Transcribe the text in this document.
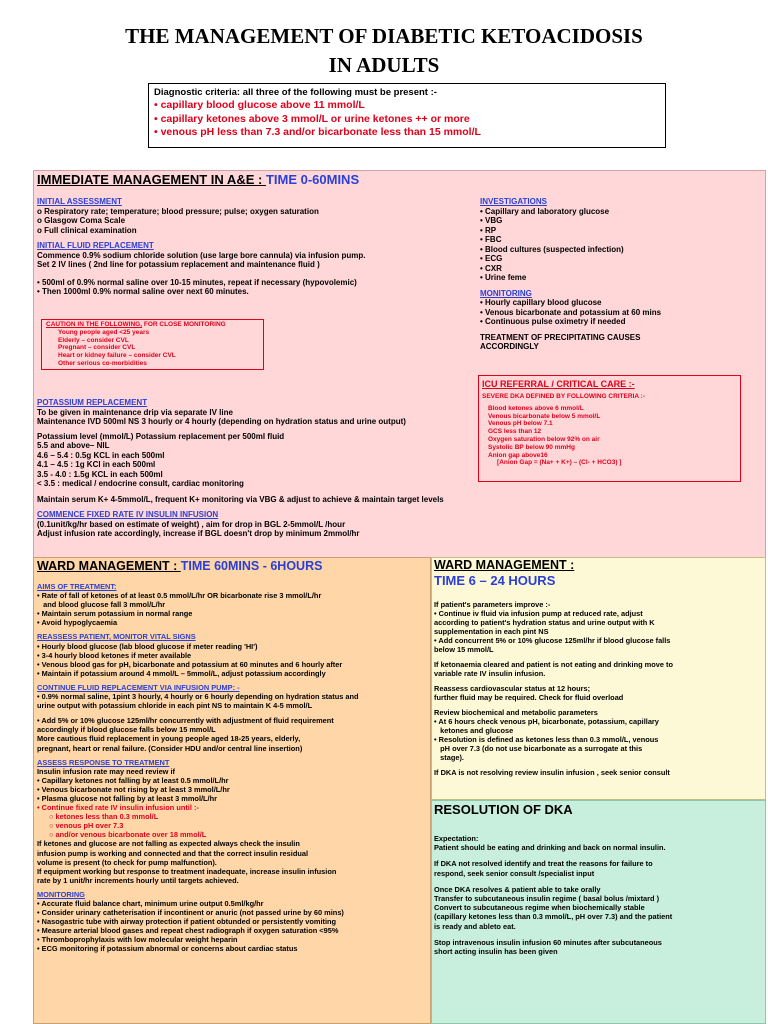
THE MANAGEMENT OF DIABETIC KETOACIDOSIS
IN ADULTS
Diagnostic criteria: all three of the following must be present :-
• capillary blood glucose above 11 mmol/L
• capillary ketones above 3 mmol/L or urine ketones ++ or more
• venous pH less than 7.3 and/or bicarbonate less than 15 mmol/L
IMMEDIATE MANAGEMENT IN A&E : TIME 0-60MINS
INITIAL ASSESSMENT
o Respiratory rate; temperature; blood pressure; pulse; oxygen saturation
o Glasgow Coma Scale
o Full clinical examination
INITIAL FLUID REPLACEMENT
Commence 0.9% sodium chloride solution (use large bore cannula) via infusion pump.
Set 2 IV lines ( 2nd line for potassium replacement and maintenance fluid )
• 500ml of 0.9% normal saline over 10-15 minutes, repeat if necessary (hypovolemic)
• Then 1000ml 0.9% normal saline over next 60 minutes.
CAUTION IN THE FOLLOWING, FOR CLOSE MONITORING
Young people aged <25 years
Elderly – consider CVL
Pregnant – consider CVL
Heart or kidney failure – consider CVL
Other serious co-morbidities
POTASSIUM REPLACEMENT
To be given in maintenance drip via separate IV line
Maintenance IVD 500ml NS 3 hourly or 4 hourly (depending on hydration status and urine output)
Potassium level (mmol/L) Potassium replacement per 500ml fluid
5.5 and above– NIL
4.6 – 5.4 : 0.5g KCL in each 500ml
4.1 – 4.5 : 1g KCl in each 500ml
3.5 - 4.0 : 1.5g KCL in each 500ml
< 3.5 : medical / endocrine consult, cardiac monitoring
Maintain serum K+ 4-5mmol/L, frequent K+ monitoring via VBG & adjust to achieve & maintain target levels
COMMENCE FIXED RATE IV INSULIN INFUSION
(0.1unit/kg/hr based on estimate of weight) , aim for drop in BGL 2-5mmol/L /hour
Adjust infusion rate accordingly, increase if BGL doesn't drop by minimum 2mmol/hr
INVESTIGATIONS
• Capillary and laboratory glucose
• VBG
• RP
• FBC
• Blood cultures (suspected infection)
• ECG
• CXR
• Urine feme
MONITORING
• Hourly capillary blood glucose
• Venous bicarbonate and potassium at 60 mins
• Continuous pulse oximetry if needed
TREATMENT OF PRECIPITATING CAUSES
ACCORDINGLY
ICU REFERRAL / CRITICAL CARE :-
SEVERE DKA DEFINED BY FOLLOWING CRITERIA :-
Blood ketones above 6 mmol/L
Venous bicarbonate below 5 mmol/L
Venous pH below 7.1
GCS less than 12
Oxygen saturation below 92% on air
Systolic BP below 90 mmHg
Anion gap above16
[Anion Gap = (Na+ + K+) – (Cl- + HCO3) ]
WARD MANAGEMENT : TIME 60MINS - 6HOURS
AIMS OF TREATMENT:
• Rate of fall of ketones of at least 0.5 mmol/L/hr OR bicarbonate rise 3 mmol/L/hr
and blood glucose fall 3 mmol/L/hr
• Maintain serum potassium in normal range
• Avoid hypoglycaemia
REASSESS PATIENT, MONITOR VITAL SIGNS
• Hourly blood glucose (lab blood glucose if meter reading 'HI')
• 3-4 hourly blood ketones if meter available
• Venous blood gas for pH, bicarbonate and potassium at 60 minutes and 6 hourly after
• Maintain if potassium around 4 mmol/L – 5mmol/L, adjust potassium accordingly
CONTINUE FLUID REPLACEMENT VIA INFUSION PUMP: -
• 0.9% normal saline, 1pint 3 hourly, 4 hourly or 6 hourly depending on hydration status and
urine output with potassium chloride in each pint NS to maintain K 4-5 mmol/L
• Add 5% or 10% glucose 125ml/hr concurrently with adjustment of fluid requirement
accordingly if blood glucose falls below 15 mmol/L
More cautious fluid replacement in young people aged 18-25 years, elderly,
pregnant, heart or renal failure. (Consider HDU and/or central line insertion)
ASSESS RESPONSE TO TREATMENT
Insulin infusion rate may need review if
• Capillary ketones not falling by at least 0.5 mmol/L/hr
• Venous bicarbonate not rising by at least 3 mmol/L/hr
• Plasma glucose not falling by at least 3 mmol/L/hr
• Continue fixed rate IV insulin infusion until :-
○ ketones less than 0.3 mmol/L
○ venous pH over 7.3
○ and/or venous bicarbonate over 18 mmol/L
If ketones and glucose are not falling as expected always check the insulin
infusion pump is working and connected and that the correct insulin residual
volume is present (to check for pump malfunction).
If equipment working but response to treatment inadequate, increase insulin infusion
rate by 1 unit/hr increments hourly until targets achieved.
MONITORING
• Accurate fluid balance chart, minimum urine output 0.5ml/kg/hr
• Consider urinary catheterisation if incontinent or anuric (not passed urine by 60 mins)
• Nasogastric tube with airway protection if patient obtunded or persistently vomiting
• Measure arterial blood gases and repeat chest radiograph if oxygen saturation <95%
• Thromboprophylaxis with low molecular weight heparin
• ECG monitoring if potassium abnormal or concerns about cardiac status
WARD MANAGEMENT :
TIME 6 – 24 HOURS
If patient's parameters improve :-
• Continue iv fluid via infusion pump at reduced rate, adjust
according to patient's hydration status and urine output with K
supplementation in each pint NS
• Add concurrent 5% or 10% glucose 125ml/hr if blood glucose falls
below 15 mmol/L
If ketonaemia cleared and patient is not eating and drinking move to
variable rate IV insulin infusion.
Reassess cardiovascular status at 12 hours;
further fluid may be required. Check for fluid overload
Review biochemical and metabolic parameters
• At 6 hours check venous pH, bicarbonate, potassium, capillary
ketones and glucose
• Resolution is defined as ketones less than 0.3 mmol/L, venous
pH over 7.3 (do not use bicarbonate as a surrogate at this
stage).
If DKA is not resolving review insulin infusion , seek senior consult
RESOLUTION OF DKA
Expectation:
Patient should be eating and drinking and back on normal insulin.
If DKA not resolved identify and treat the reasons for failure to
respond, seek senior consult /specialist input
Once DKA resolves & patient able to take orally
Transfer to subcutaneous insulin regime ( basal bolus /mixtard )
Convert to subcutaneous regime when biochemically stable
(capillary ketones less than 0.3 mmol/L, pH over 7.3) and the patient
is ready and ableto eat.
Stop intravenous insulin infusion 60 minutes after subcutaneous
short acting insulin has been given
